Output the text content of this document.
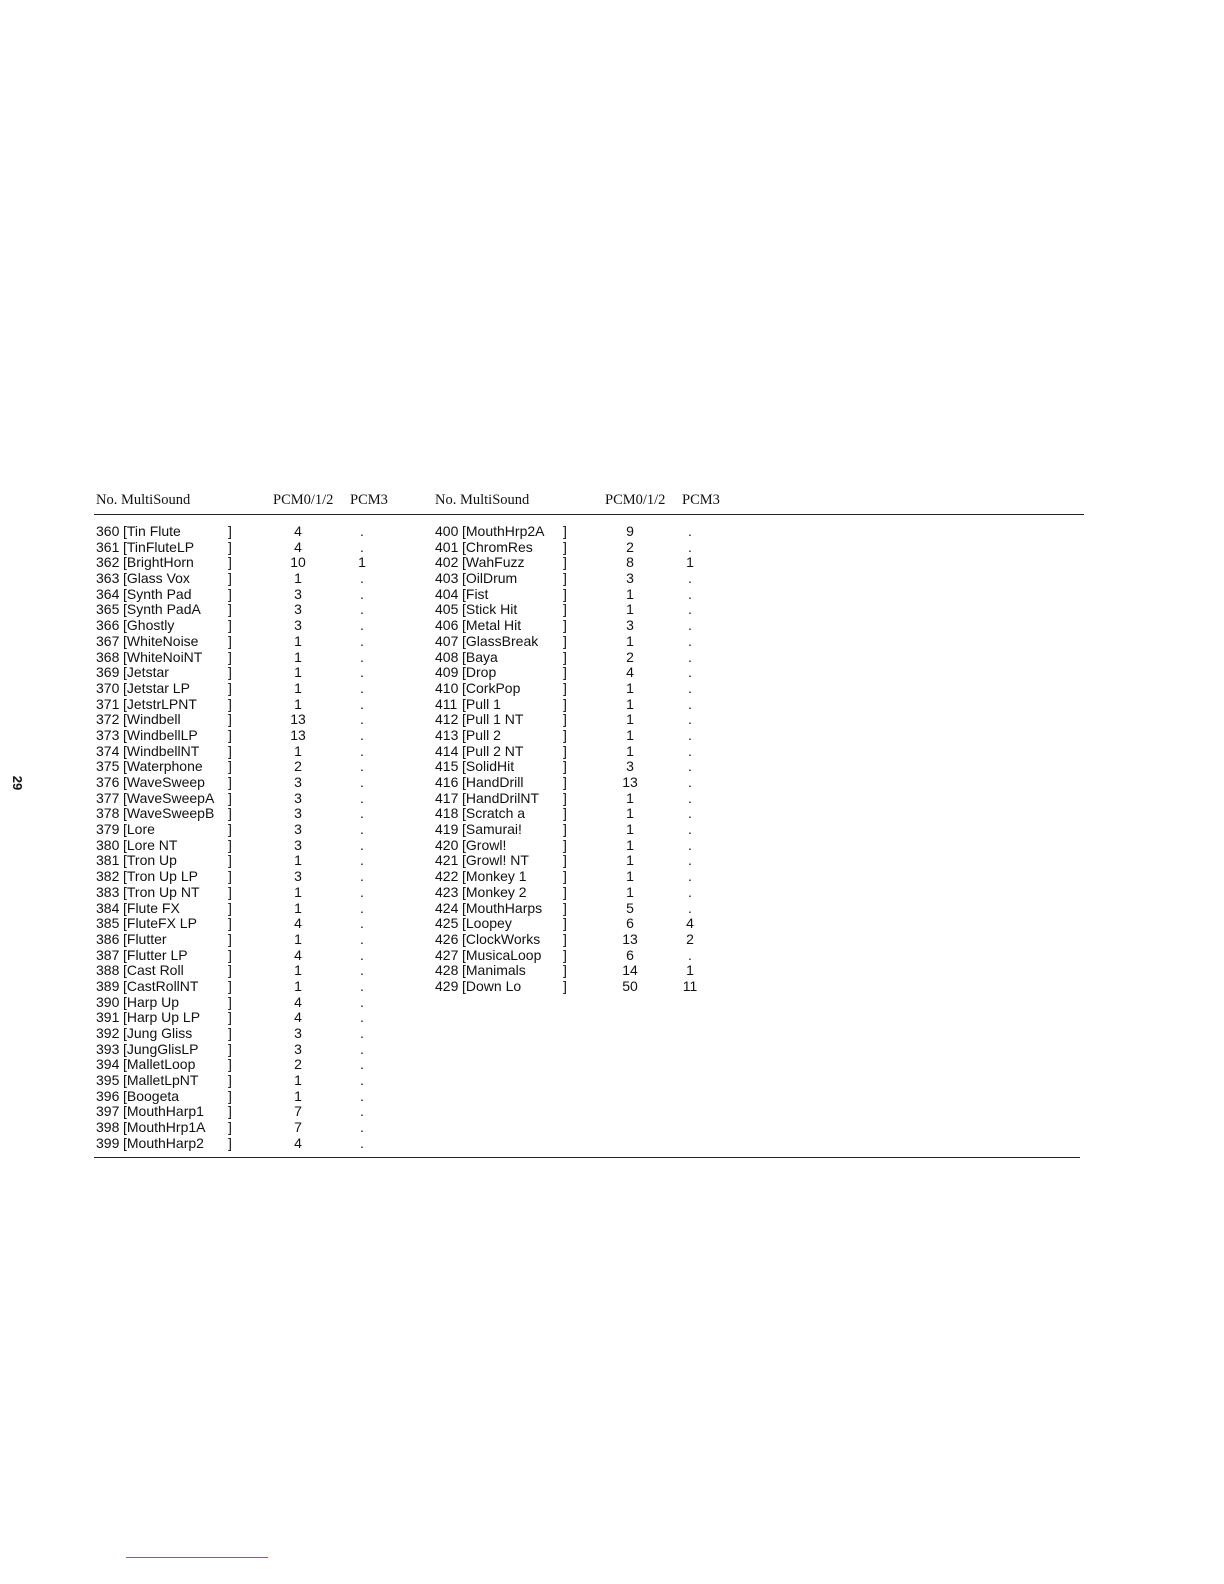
29
No. MultiSound	PCM0/1/2 PCM3	No. MultiSound	PCM0/1/2 PCM3
360 [Tin Flute	]	4	.
361 [TinFluteLP ]	4	.
362 [BrightHorn ]	10	1
363 [Glass Vox	]	1	.
364 [Synth Pad	]	3	.
365 [Synth PadA ]	3	.
366 [Ghostly	]	3	.
367 [WhiteNoise ]	1	.
368 [WhiteNoiNT ]	1	.
369 [Jetstar	]	1	.
370 [Jetstar LP	]	1	.
371 [JetstrLPNT ]	1	.
372 [Windbell	]	13	.
373 [WindbellLP ]	13	.
374 [WindbellNT ]	1	.
375 [Waterphone ]	2	.
376 [WaveSweep ]	3	.
377 [WaveSweepA ]	3	.
378 [WaveSweepB ]	3	.
379 [Lore	]	3	.
380 [Lore NT	]	3	.
381 [Tron Up	]	1	.
382 [Tron Up LP ]	3	.
383 [Tron Up NT ]	1	.
384 [Flute FX	]	1	.
385 [FluteFX LP ]	4	.
386 [Flutter	]	1	.
387 [Flutter LP	]	4	.
388 [Cast Roll	]	1	.
389 [CastRollNT ]	1	.
390 [Harp Up	]	4	.
391 [Harp Up LP ]	4	.
392 [Jung Gliss	]	3	.
393 [JungGlisLP ]	3	.
394 [MalletLoop ]	2	.
395 [MalletLpNT ]	1	.
396 [Boogeta	]	1	.
397 [MouthHarp1 ]	7	.
398 [MouthHrp1A ]	7	.
399 [MouthHarp2 ]	4	.
400 [MouthHrp2A ]	9	.
401 [ChromRes ]	2	.
402 [WahFuzz	]	8	1
403 [OilDrum	]	3	.
404 [Fist	]	1	.
405 [Stick Hit	]	1	.
406 [Metal Hit	]	3	.
407 [GlassBreak ]	1	.
408 [Baya	]	2	.
409 [Drop	]	4	.
410 [CorkPop	]	1	.
411 [Pull 1	]	1	.
412 [Pull 1 NT	]	1	.
413 [Pull 2	]	1	.
414 [Pull 2 NT	]	1	.
415 [SolidHit	]	3	.
416 [HandDrill	]	13	.
417 [HandDrilNT ]	1	.
418 [Scratch a	]	1	.
419 [Samurai!	]	1	.
420 [Growl!	]	1	.
421 [Growl! NT ]	1	.
422 [Monkey 1	]	1	.
423 [Monkey 2	]	1	.
424 [MouthHarps ]	5	.
425 [Loopey	]	6	4
426 [ClockWorks ]	13	2
427 [MusicaLoop ]	6	.
428 [Manimals	]	14	1
429 [Down Lo	]	50	11
